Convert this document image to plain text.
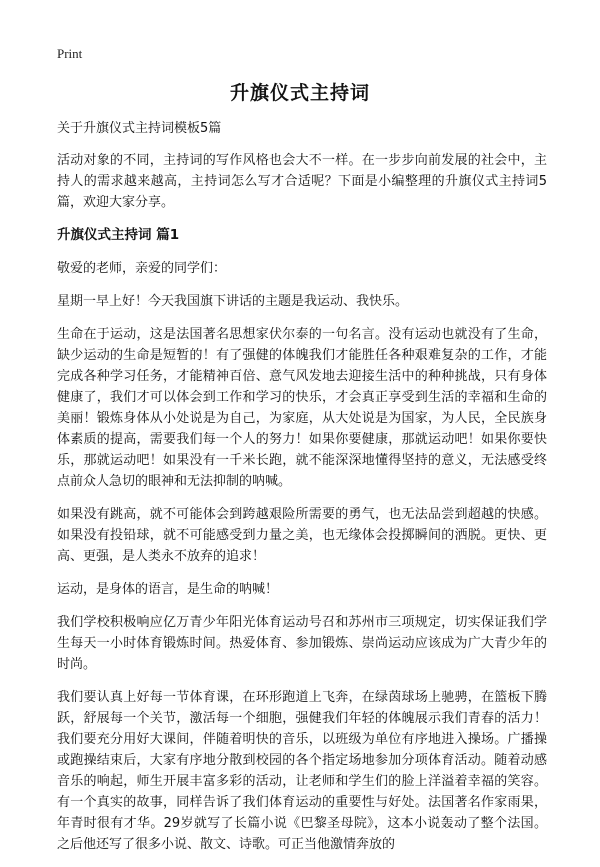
Print
升旗仪式主持词

关于升旗仪式主持词模板5篇

活动对象的不同，主持词的写作风格也会大不一样。在一步步向前发展的社会中，主持人的需求越来越高，主持词怎么写才合适呢？下面是小编整理的升旗仪式主持词5篇，欢迎大家分享。

升旗仪式主持词 篇1

敬爱的老师，亲爱的同学们：

星期一早上好！今天我国旗下讲话的主题是我运动、我快乐。

生命在于运动，这是法国著名思想家伏尔泰的一句名言。没有运动也就没有了生命，缺少运动的生命是短暂的！有了强健的体魄我们才能胜任各种艰难复杂的工作，才能完成各种学习任务，才能精神百倍、意气风发地去迎接生活中的种种挑战，只有身体健康了，我们才可以体会到工作和学习的快乐，才会真正享受到生活的幸福和生命的美丽！锻炼身体从小处说是为自己，为家庭，从大处说是为国家，为人民，全民族身体素质的提高，需要我们每一个人的努力！如果你要健康，那就运动吧！如果你要快乐，那就运动吧！如果没有一千米长跑，就不能深深地懂得坚持的意义，无法感受终点前众人急切的眼神和无法抑制的呐喊。

如果没有跳高，就不可能体会到跨越艰险所需要的勇气，也无法品尝到超越的快感。如果没有投铅球，就不可能感受到力量之美，也无缘体会投掷瞬间的洒脱。更快、更高、更强，是人类永不放弃的追求！

运动，是身体的语言，是生命的呐喊！

我们学校积极响应亿万青少年阳光体育运动号召和苏州市三项规定，切实保证我们学生每天一小时体育锻炼时间。热爱体育、参加锻炼、崇尚运动应该成为广大青少年的时尚。

我们要认真上好每一节体育课，在环形跑道上飞奔，在绿茵球场上驰骋，在篮板下腾跃，舒展每一个关节，激活每一个细胞，强健我们年轻的体魄展示我们青春的活力！我们要充分用好大课间，伴随着明快的音乐，以班级为单位有序地进入操场。广播操或跑操结束后，大家有序地分散到校园的各个指定场地参加分项体育活动。随着动感音乐的响起，师生开展丰富多彩的活动，让老师和学生们的脸上洋溢着幸福的笑容。有一个真实的故事，同样告诉了我们体育运动的重要性与好处。法国著名作家雨果，年青时很有才华。29岁就写了长篇小说《巴黎圣母院》，这本小说轰动了整个法国。之后他还写了很多小说、散文、诗歌。可正当他激情奔放的
